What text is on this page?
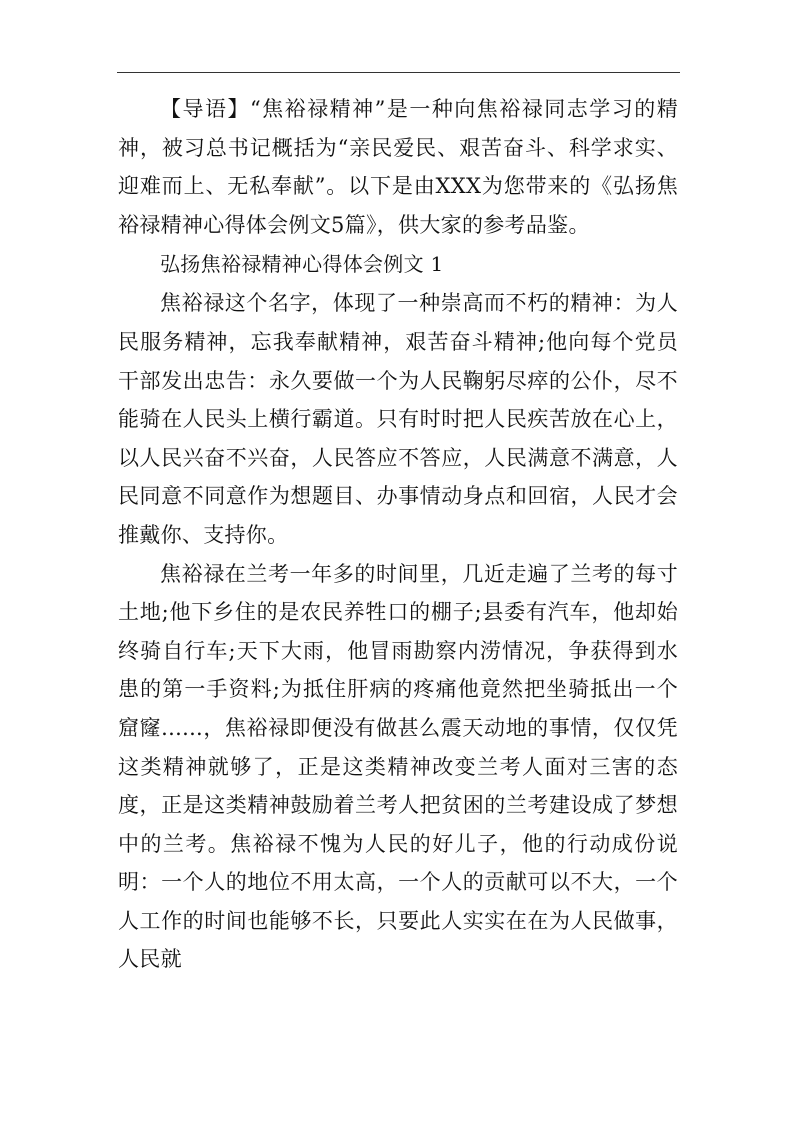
【导语】“焦裕禄精神”是一种向焦裕禄同志学习的精神，被习总书记概括为“亲民爱民、艰苦奋斗、科学求实、迎难而上、无私奉献”。以下是由XXX为您带来的《弘扬焦裕禄精神心得体会例文5篇》，供大家的参考品鉴。

弘扬焦裕禄精神心得体会例文 1

焦裕禄这个名字，体现了一种崇高而不朽的精神：为人民服务精神，忘我奉献精神，艰苦奋斗精神;他向每个党员干部发出忠告：永久要做一个为人民鞠躬尽瘁的公仆，尽不能骑在人民头上横行霸道。只有时时把人民疾苦放在心上，以人民兴奋不兴奋，人民答应不答应，人民满意不满意，人民同意不同意作为想题目、办事情动身点和回宿，人民才会推戴你、支持你。

焦裕禄在兰考一年多的时间里，几近走遍了兰考的每寸土地;他下乡住的是农民养牲口的棚子;县委有汽车，他却始终骑自行车;天下大雨，他冒雨勘察内涝情况，争获得到水患的第一手资料;为抵住肝病的疼痛他竟然把坐骑抵出一个窟窿......，焦裕禄即便没有做甚么震天动地的事情，仅仅凭这类精神就够了，正是这类精神改变兰考人面对三害的态度，正是这类精神鼓励着兰考人把贫困的兰考建设成了梦想中的兰考。焦裕禄不愧为人民的好儿子，他的行动成份说明：一个人的地位不用太高，一个人的贡献可以不大，一个人工作的时间也能够不长，只要此人实实在在为人民做事，人民就
